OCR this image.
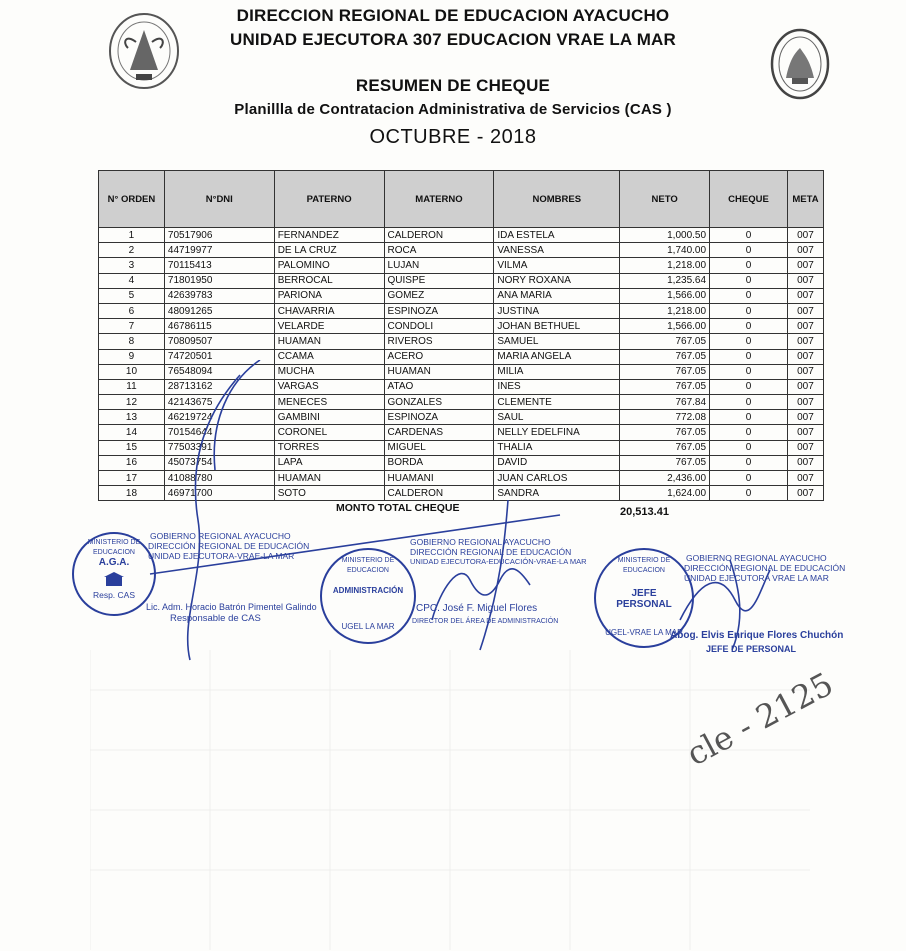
DIRECCION REGIONAL DE EDUCACION AYACUCHO
UNIDAD EJECUTORA 307 EDUCACION VRAE LA MAR
RESUMEN DE CHEQUE
Planillla de Contratacion Administrativa de Servicios (CAS )
OCTUBRE - 2018
N° ORDEN	N°DNI	PATERNO	MATERNO	NOMBRES	NETO	CHEQUE	META
1	70517906	FERNANDEZ	CALDERON	IDA ESTELA	1,000.50	0	007
2	44719977	DE LA CRUZ	ROCA	VANESSA	1,740.00	0	007
3	70115413	PALOMINO	LUJAN	VILMA	1,218.00	0	007
4	71801950	BERROCAL	QUISPE	NORY ROXANA	1,235.64	0	007
5	42639783	PARIONA	GOMEZ	ANA MARIA	1,566.00	0	007
6	48091265	CHAVARRIA	ESPINOZA	JUSTINA	1,218.00	0	007
7	46786115	VELARDE	CONDOLI	JOHAN BETHUEL	1,566.00	0	007
8	70809507	HUAMAN	RIVEROS	SAMUEL	767.05	0	007
9	74720501	CCAMA	ACERO	MARIA ANGELA	767.05	0	007
10	76548094	MUCHA	HUAMAN	MILIA	767.05	0	007
11	28713162	VARGAS	ATAO	INES	767.05	0	007
12	42143675	MENECES	GONZALES	CLEMENTE	767.84	0	007
13	46219724	GAMBINI	ESPINOZA	SAUL	772.08	0	007
14	70154644	CORONEL	CARDENAS	NELLY EDELFINA	767.05	0	007
15	77503391	TORRES	MIGUEL	THALIA	767.05	0	007
16	45073754	LAPA	BORDA	DAVID	767.05	0	007
17	41088780	HUAMAN	HUAMANI	JUAN CARLOS	2,436.00	0	007
18	46971700	SOTO	CALDERON	SANDRA	1,624.00	0	007
MONTO TOTAL CHEQUE	20,513.41
MINISTERIO DE EDUCACION
A.G.A.
Resp. CAS
GOBIERNO REGIONAL AYACUCHO
DIRECCIÓN REGIONAL DE EDUCACIÓN
UNIDAD EJECUTORA-VRAE-LA MAR
Lic. Adm. Horacio Batrón Pimentel Galindo
Responsable de CAS
MINISTERIO DE EDUCACION
ADMINISTRACIÓN
UGEL LA MAR
GOBIERNO REGIONAL AYACUCHO
DIRECCIÓN REGIONAL DE EDUCACIÓN
UNIDAD EJECUTORA-EDUCACIÓN-VRAE-LA MAR
CPC. José F. Miguel Flores
DIRECTOR DEL ÁREA DE ADMINISTRACIÓN
MINISTERIO DE EDUCACION
JEFE PERSONAL
UGEL-VRAE LA MAR
GOBIERNO REGIONAL AYACUCHO
DIRECCIÓN REGIONAL DE EDUCACIÓN
UNIDAD EJECUTORA VRAE LA MAR
Abog. Elvis Enrique Flores Chuchón
JEFE DE PERSONAL
cle - 2125
